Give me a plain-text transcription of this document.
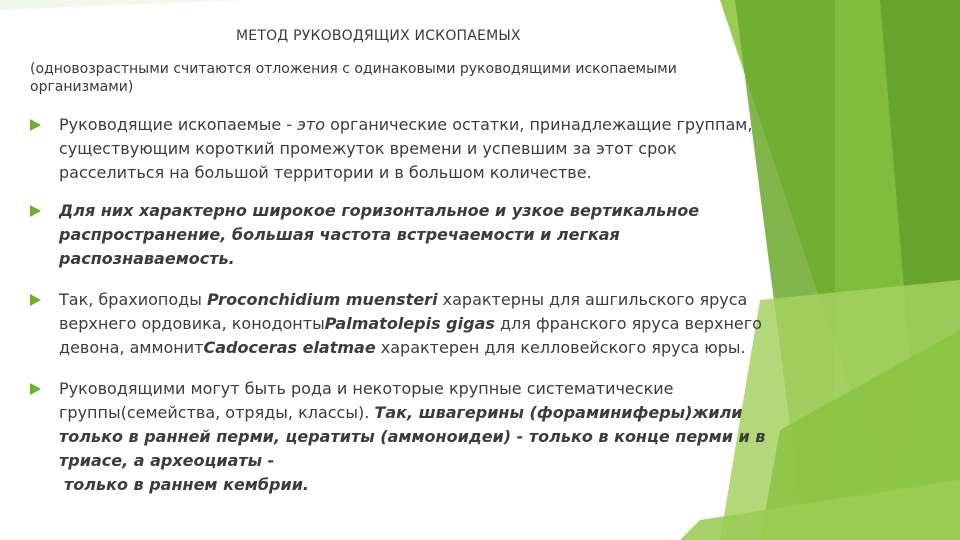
МЕТОД РУКОВОДЯЩИХ ИСКОПАЕМЫХ

(одновозрастными считаются отложения с одинаковыми руководящими ископаемыми организмами)

Руководящие ископаемые - это органические остатки, принадлежащие группам, существующим короткий промежуток времени и успевшим за этот срок расселиться на большой территории и в большом количестве.
Для них характерно широкое горизонтальное и узкое вертикальное распространение, большая частота встречаемости и легкая распознаваемость.
Так, брахиоподы Proconchidium muensteri характерны для ашгильского яруса верхнего ордовика, конодонтыPalmatolepis gigas для франского яруса верхнего девона, аммонитCadoceras elatmae характерен для келловейского яруса юры.
Руководящими могут быть рода и некоторые крупные систематические группы(семейства, отряды, классы). Так, швагерины (фораминиферы)жили только в ранней перми, цератиты (аммоноидеи) - только в конце перми и в триасе, а археоциаты -
только в раннем кембрии.
